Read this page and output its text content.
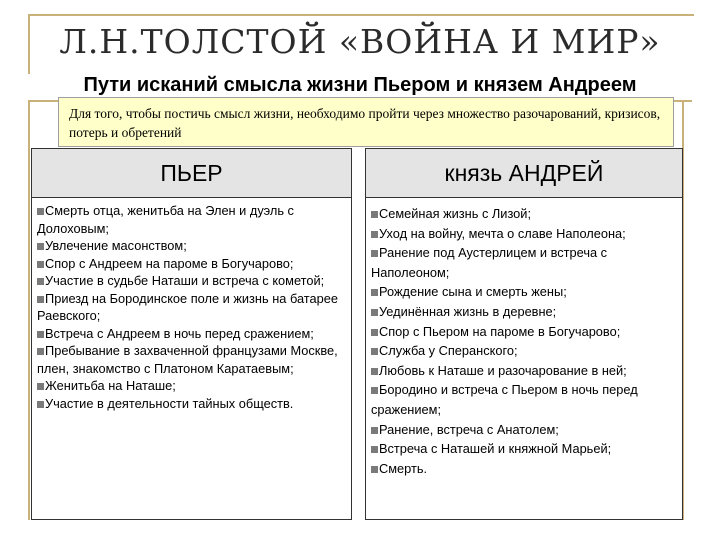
Л.Н.ТОЛСТОЙ «ВОЙНА И МИР»
Пути исканий смысла жизни Пьером и князем Андреем
Для того, чтобы постичь смысл жизни, необходимо пройти через множество разочарований, кризисов, потерь и обретений
ПЬЕР
Смерть отца, женитьба на Элен и дуэль с Долоховым;
Увлечение масонством;
Спор с Андреем на пароме в Богучарово;
Участие в судьбе Наташи и встреча с кометой;
Приезд на Бородинское поле и жизнь на батарее Раевского;
Встреча с Андреем в ночь перед сражением;
Пребывание в захваченной французами Москве, плен, знакомство с Платоном Каратаевым;
Женитьба на Наташе;
Участие в деятельности тайных обществ.
князь АНДРЕЙ
Семейная жизнь с Лизой;
Уход на войну, мечта о славе Наполеона;
Ранение под Аустерлицем и встреча с Наполеоном;
Рождение сына и смерть жены;
Уединённая жизнь в деревне;
Спор с Пьером на пароме в Богучарово;
Служба у Сперанского;
Любовь к Наташе и разочарование в ней;
Бородино и встреча с Пьером в ночь перед сражением;
Ранение, встреча с Анатолем;
Встреча с Наташей и княжной Марьей;
Смерть.
